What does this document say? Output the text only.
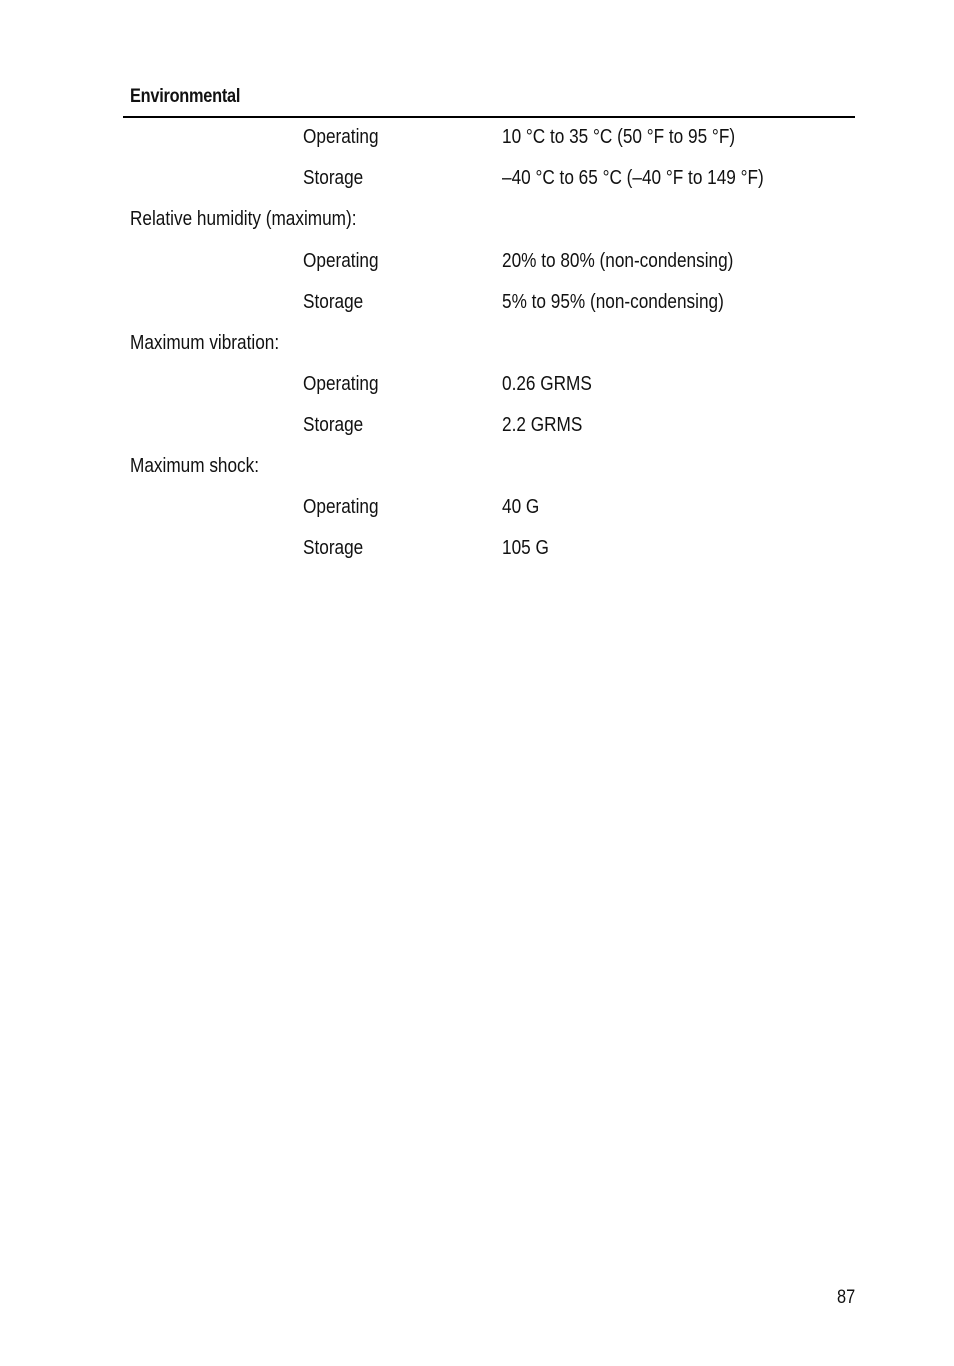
Environmental
Operating	10 °C to 35 °C (50 °F to 95 °F)
Storage	–40 °C to 65 °C (–40 °F to 149 °F)
Relative humidity (maximum):
Operating	20% to 80% (non-condensing)
Storage	5% to 95% (non-condensing)
Maximum vibration:
Operating	0.26 GRMS
Storage	2.2 GRMS
Maximum shock:
Operating	40 G
Storage	105 G
87
